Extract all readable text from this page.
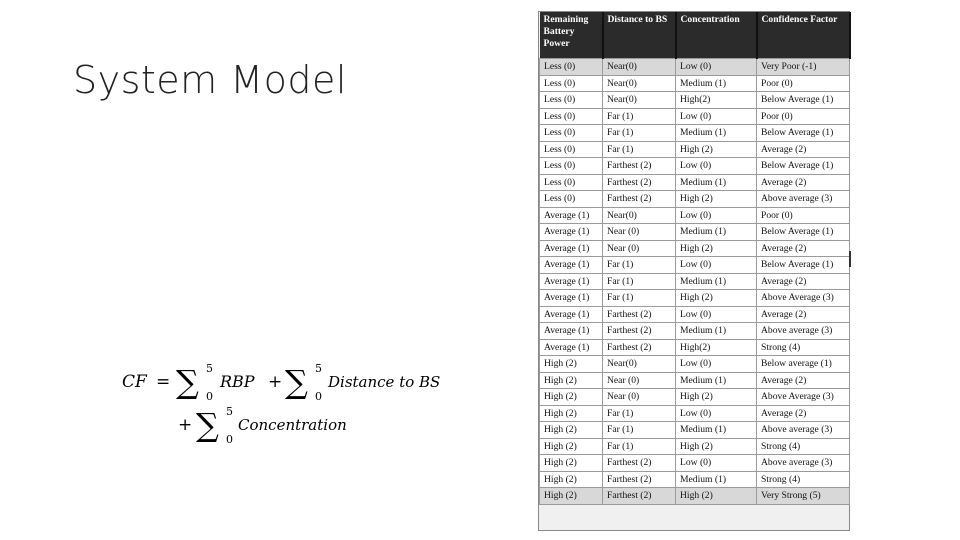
System Model
CF = ∑ 5
0
RBP + ∑ 5
0
Distance to BS
+ ∑ 5
0
Concentration
Remaining
Battery
Power	Distance to BS	Concentration	Confidence Factor
Less (0)	Near(0)	Low (0)	Very Poor (-1)
Less (0)	Near(0)	Medium (1)	Poor (0)
Less (0)	Near(0)	High(2)	Below Average (1)
Less (0)	Far (1)	Low (0)	Poor (0)
Less (0)	Far (1)	Medium (1)	Below Average (1)
Less (0)	Far (1)	High (2)	Average (2)
Less (0)	Farthest (2)	Low (0)	Below Average (1)
Less (0)	Farthest (2)	Medium (1)	Average (2)
Less (0)	Farthest (2)	High (2)	Above average (3)
Average (1)	Near(0)	Low (0)	Poor (0)
Average (1)	Near (0)	Medium (1)	Below Average (1)
Average (1)	Near (0)	High (2)	Average (2)
Average (1)	Far (1)	Low (0)	Below Average (1)
Average (1)	Far (1)	Medium (1)	Average (2)
Average (1)	Far (1)	High (2)	Above Average (3)
Average (1)	Farthest (2)	Low (0)	Average (2)
Average (1)	Farthest (2)	Medium (1)	Above average (3)
Average (1)	Farthest (2)	High(2)	Strong (4)
High (2)	Near(0)	Low (0)	Below average (1)
High (2)	Near (0)	Medium (1)	Average (2)
High (2)	Near (0)	High (2)	Above Average (3)
High (2)	Far (1)	Low (0)	Average (2)
High (2)	Far (1)	Medium (1)	Above average (3)
High (2)	Far (1)	High (2)	Strong (4)
High (2)	Farthest (2)	Low (0)	Above average (3)
High (2)	Farthest (2)	Medium (1)	Strong (4)
High (2)	Farthest (2)	High (2)	Very Strong (5)
